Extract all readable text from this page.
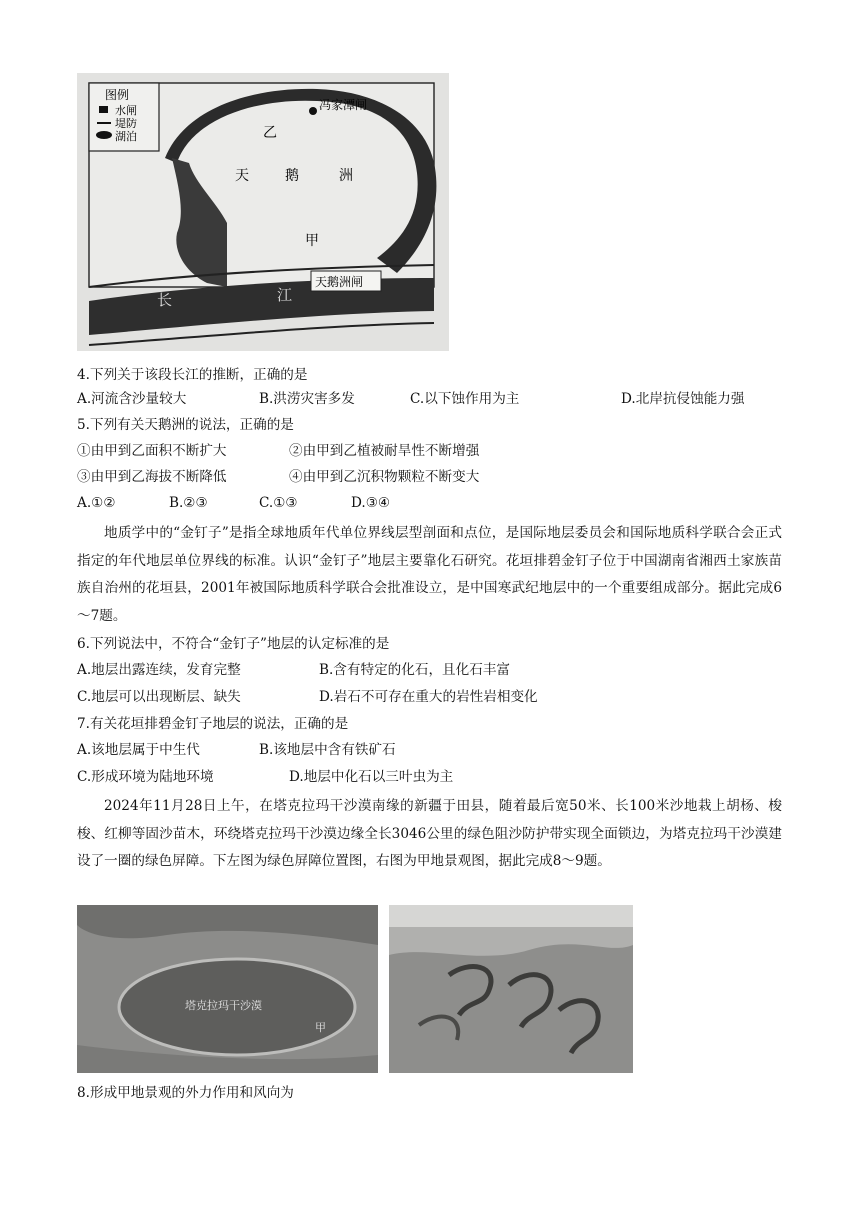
图例
水闸
堤防
湖泊
冯家潭闸
乙
天	鹅	洲
甲
天鹅洲闸
长	江
4.下列关于该段长江的推断，正确的是
A.河流含沙量较大	B.洪涝灾害多发	C.以下蚀作用为主	D.北岸抗侵蚀能力强
5.下列有关天鹅洲的说法，正确的是
①由甲到乙面积不断扩大	②由甲到乙植被耐旱性不断增强
③由甲到乙海拔不断降低	④由甲到乙沉积物颗粒不断变大
A.①②	B.②③	C.①③	D.③④
地质学中的“金钉子”是指全球地质年代单位界线层型剖面和点位，是国际地层委员会和国际地质科学联合会正式指定的年代地层单位界线的标准。认识“金钉子”地层主要靠化石研究。花垣排碧金钉子位于中国湖南省湘西土家族苗族自治州的花垣县，2001年被国际地质科学联合会批准设立，是中国寒武纪地层中的一个重要组成部分。据此完成6～7题。
6.下列说法中，不符合“金钉子”地层的认定标准的是
A.地层出露连续，发育完整	B.含有特定的化石，且化石丰富
C.地层可以出现断层、缺失	D.岩石不可存在重大的岩性岩相变化
7.有关花垣排碧金钉子地层的说法，正确的是
A.该地层属于中生代	B.该地层中含有铁矿石
C.形成环境为陆地环境	D.地层中化石以三叶虫为主
2024年11月28日上午，在塔克拉玛干沙漠南缘的新疆于田县，随着最后宽50米、长100米沙地栽上胡杨、梭梭、红柳等固沙苗木，环绕塔克拉玛干沙漠边缘全长3046公里的绿色阻沙防护带实现全面锁边，为塔克拉玛干沙漠建设了一圈的绿色屏障。下左图为绿色屏障位置图，右图为甲地景观图，据此完成8～9题。
塔克拉玛干沙漠
甲
8.形成甲地景观的外力作用和风向为
